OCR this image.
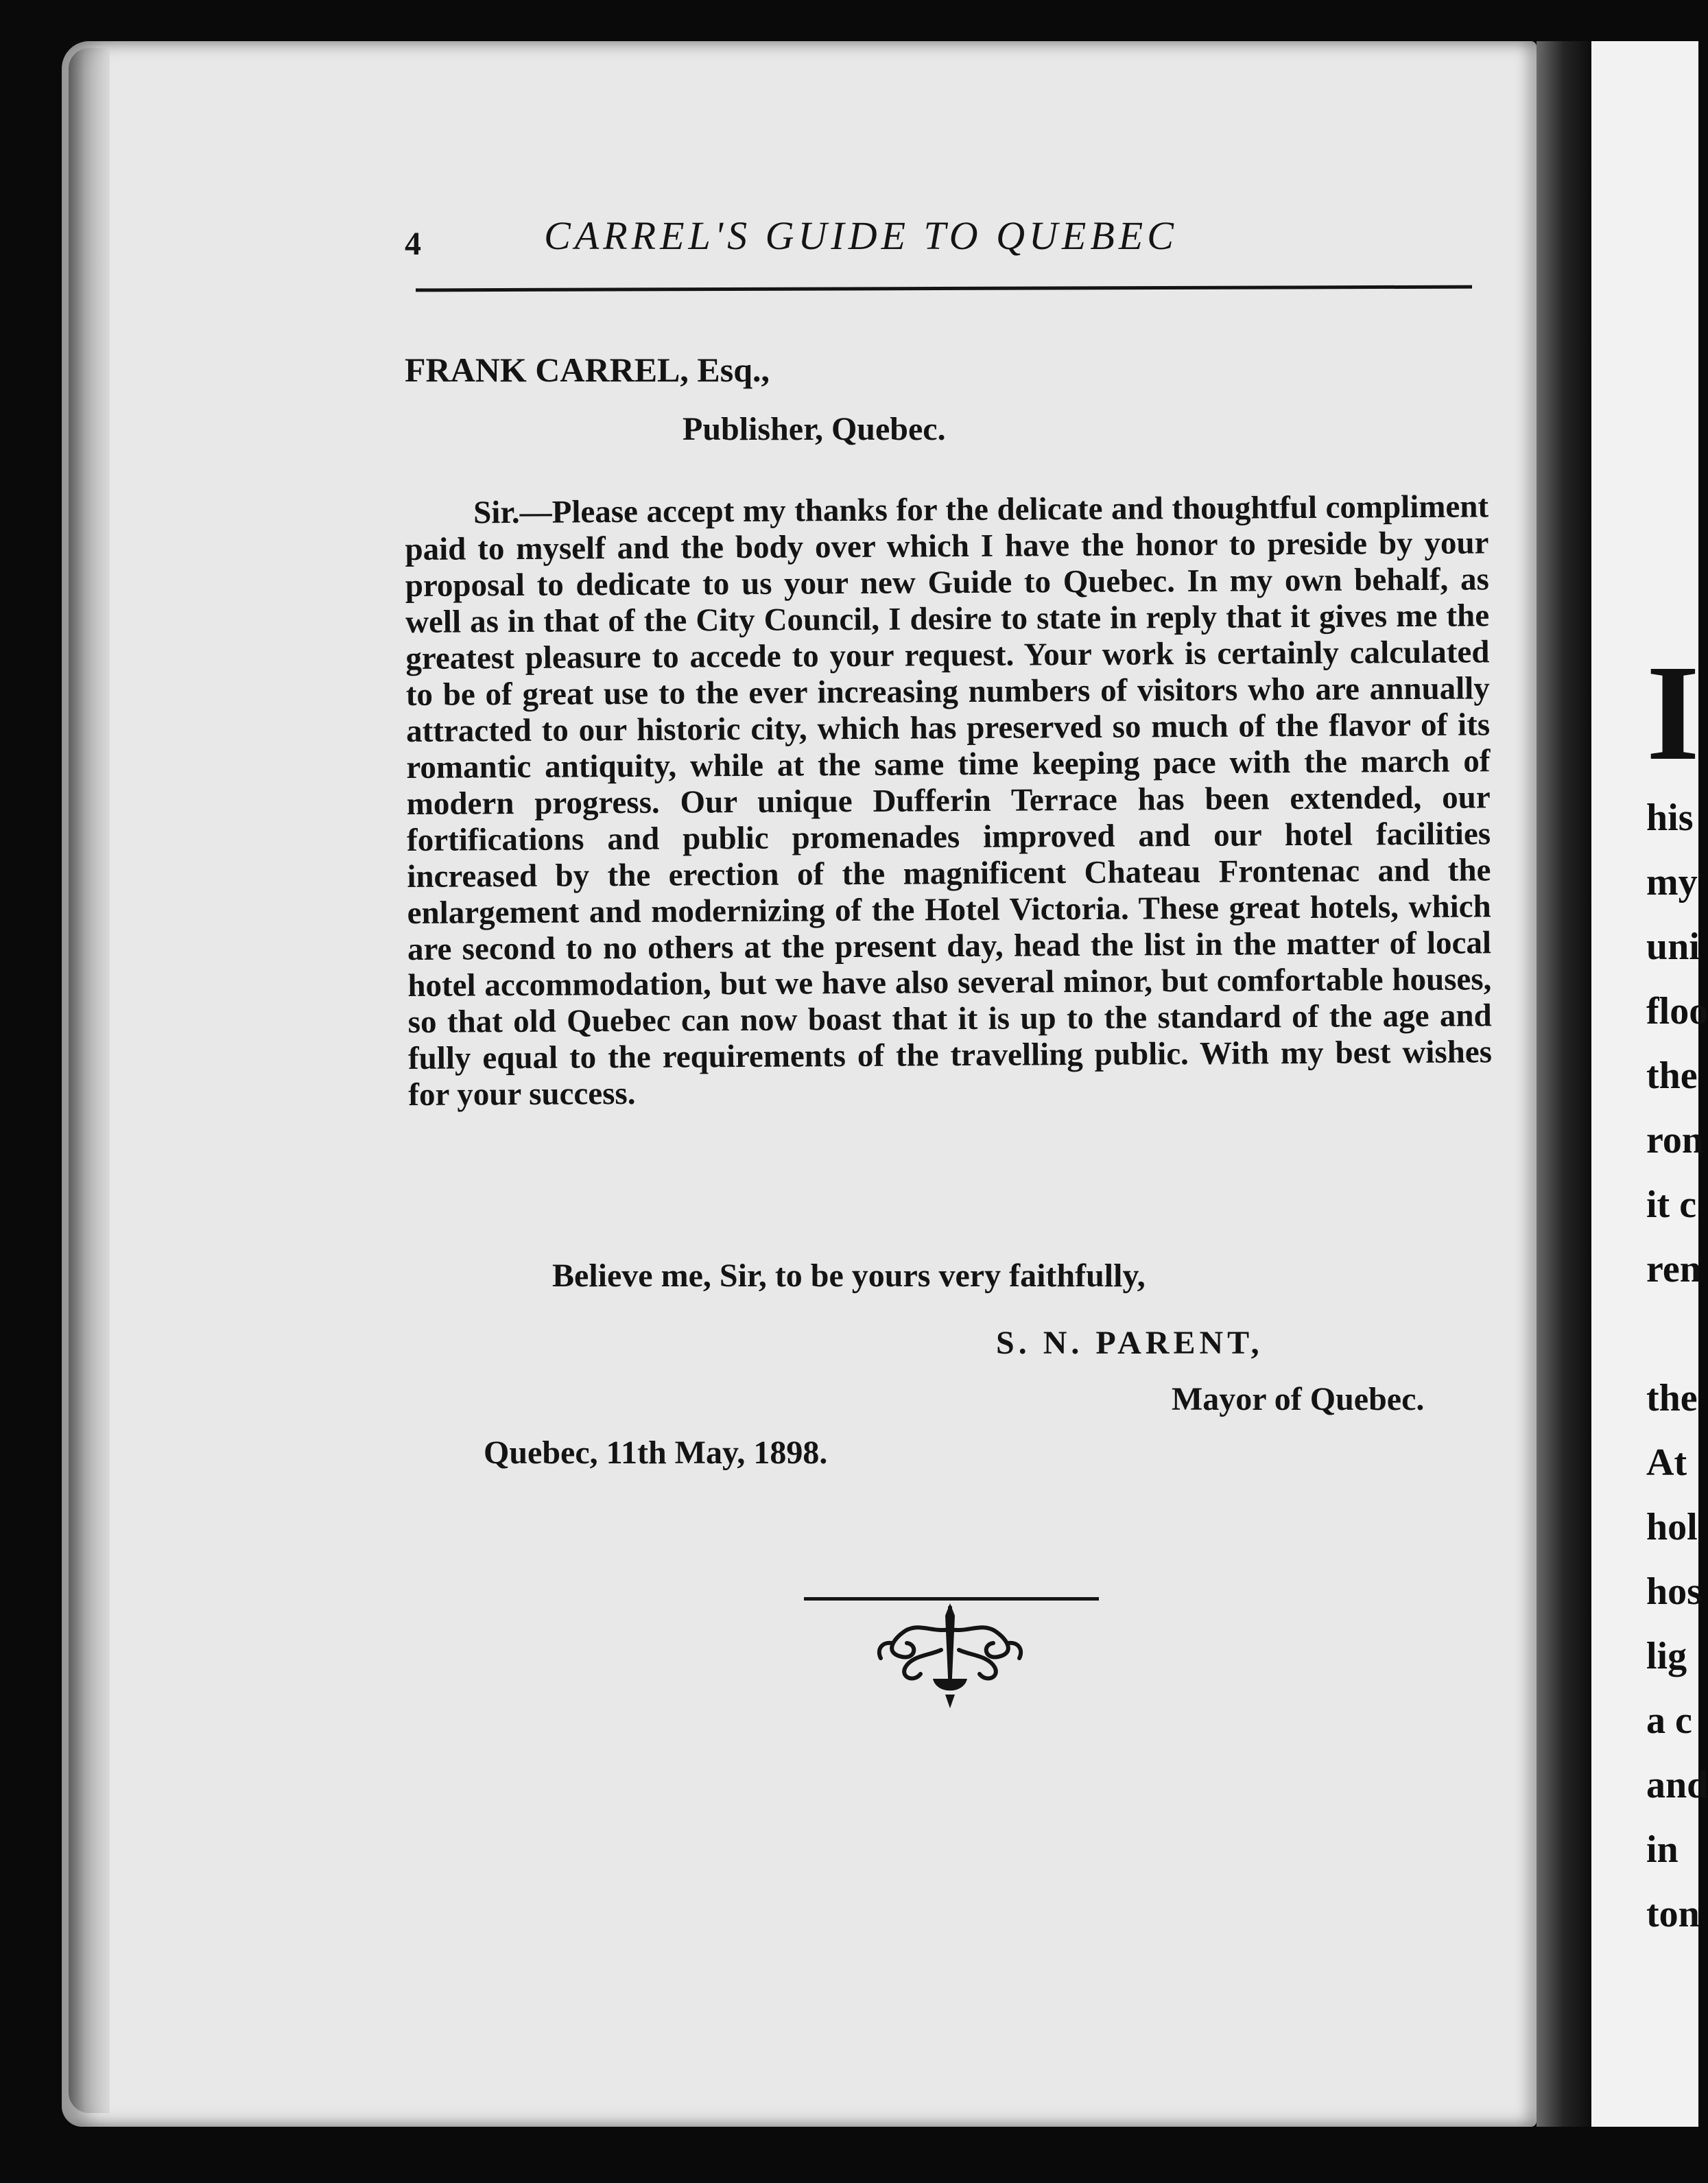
I
his
my
uni
floo
the
ron
it c
ren
the
At
hol
hos
lig
a c
and
in
ton
4	CARREL'S GUIDE TO QUEBEC
FRANK CARREL, Esq.,
Publisher, Quebec.

Sir.—Please accept my thanks for the delicate and thoughtful compliment paid to myself and the body over which I have the honor to preside by your proposal to dedicate to us your new Guide to Quebec. In my own behalf, as well as in that of the City Council, I desire to state in reply that it gives me the greatest pleasure to accede to your request. Your work is certainly calculated to be of great use to the ever increasing numbers of visitors who are annually attracted to our historic city, which has preserved so much of the flavor of its romantic antiquity, while at the same time keeping pace with the march of modern progress. Our unique Dufferin Terrace has been extended, our fortifications and public promenades improved and our hotel facilities increased by the erection of the magnificent Chateau Frontenac and the enlargement and modernizing of the Hotel Victoria. These great hotels, which are second to no others at the present day, head the list in the matter of local hotel accommodation, but we have also several minor, but comfortable houses, so that old Quebec can now boast that it is up to the standard of the age and fully equal to the requirements of the travelling public. With my best wishes for your success.

Believe me, Sir, to be yours very faithfully,
S. N. PARENT,
Mayor of Quebec.
Quebec, 11th May, 1898.
